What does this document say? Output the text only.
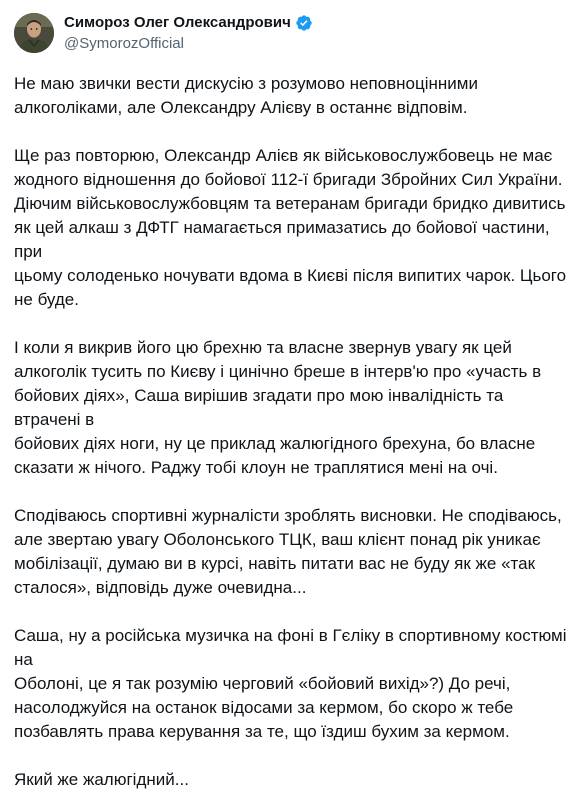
Симороз Олег Олександрович
@SymorozOfficial

Не маю звички вести дискусію з розумово неповноцінними
алкоголіками, але Олександру Алієву в останнє відповім.

Ще раз повторюю, Олександр Алієв як військовослужбовець не має
жодного відношення до бойової 112-ї бригади Збройних Сил України.
Діючим військовослужбовцям та ветеранам бригади бридко дивитись
як цей алкаш з ДФТГ намагається примазатись до бойової частини, при
цьому солоденько ночувати вдома в Києві після випитих чарок. Цього
не буде.

І коли я викрив його цю брехню та власне звернув увагу як цей
алкоголік тусить по Києву і цинічно бреше в інтерв'ю про «участь в
бойових діях», Саша вирішив згадати про мою інвалідність та втрачені в
бойових діях ноги, ну це приклад жалюгідного брехуна, бо власне
сказати ж нічого. Раджу тобі клоун не траплятися мені на очі.

Сподіваюсь спортивні журналісти зроблять висновки. Не сподіваюсь,
але звертаю увагу Оболонського ТЦК, ваш клієнт понад рік уникає
мобілізації, думаю ви в курсі, навіть питати вас не буду як же «так
сталося», відповідь дуже очевидна...

Саша, ну а російська музичка на фоні в Гєліку в спортивному костюмі на
Оболоні, це я так розумію черговий «бойовий вихід»?) До речі,
насолоджуйся на останок відосами за кермом, бо скоро ж тебе
позбавлять права керування за те, що їздиш бухим за кермом.

Який же жалюгідний...
